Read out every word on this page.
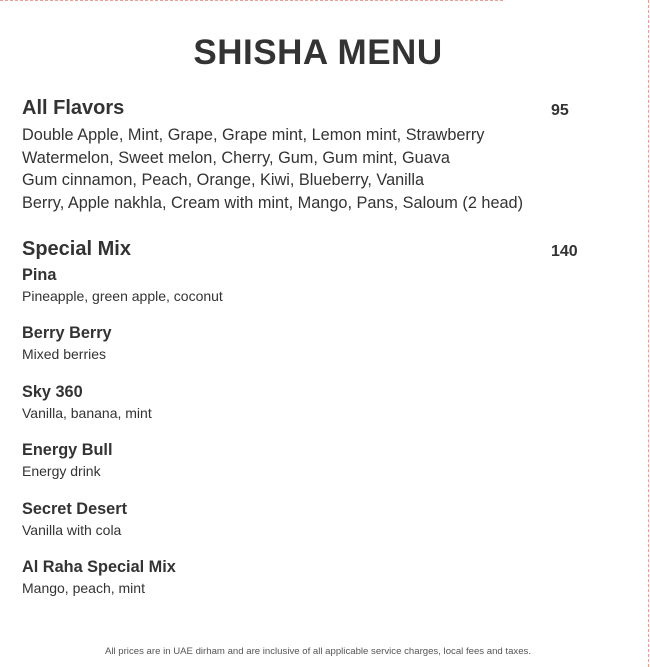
SHISHA MENU
All Flavors	95
Double Apple, Mint, Grape, Grape mint, Lemon mint, Strawberry
Watermelon, Sweet melon, Cherry, Gum, Gum mint, Guava
Gum cinnamon, Peach, Orange, Kiwi, Blueberry, Vanilla
Berry, Apple nakhla, Cream with mint, Mango, Pans, Saloum (2 head)
Special Mix	140
Pina
Pineapple, green apple, coconut
Berry Berry
Mixed berries
Sky 360
Vanilla, banana, mint
Energy Bull
Energy drink
Secret Desert
Vanilla with cola
Al Raha Special Mix
Mango, peach, mint
All prices are in UAE dirham and are inclusive of all applicable service charges, local fees and taxes.
